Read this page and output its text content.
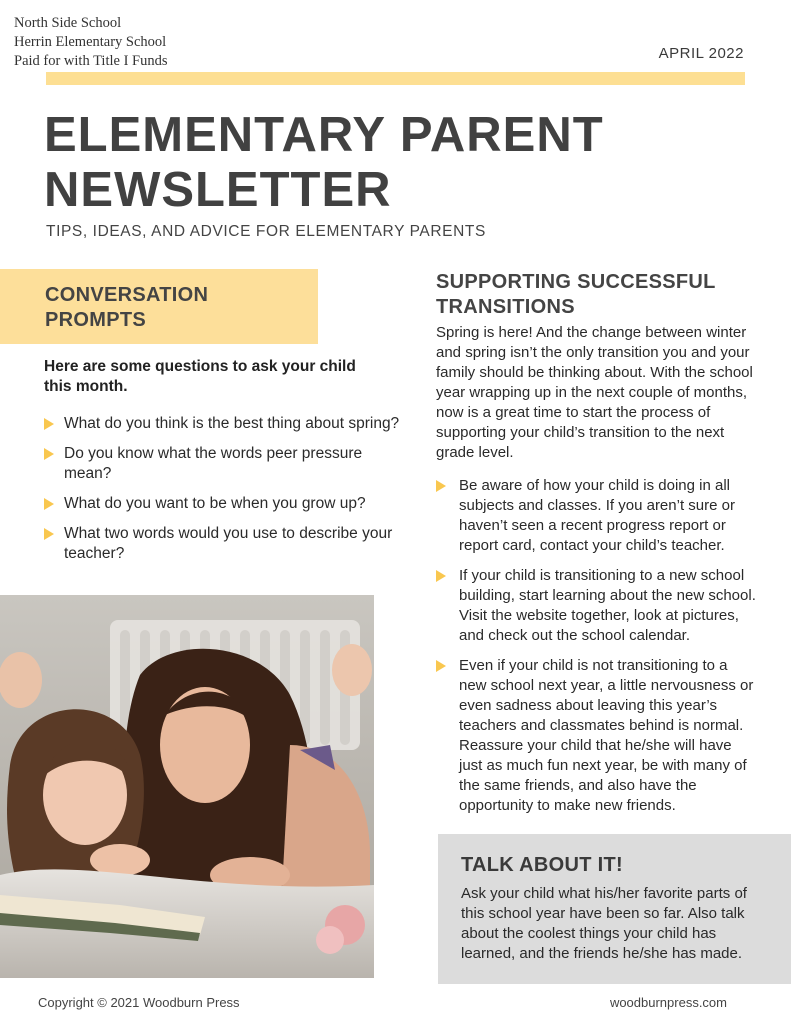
North Side School
Herrin Elementary School
Paid for with Title I Funds	APRIL 2022
ELEMENTARY PARENT
NEWSLETTER
TIPS, IDEAS, AND ADVICE FOR ELEMENTARY PARENTS
CONVERSATION
PROMPTS

Here are some questions to ask your child this month.

What do you think is the best thing about spring?
Do you know what the words peer pressure mean?
What do you want to be when you grow up?
What two words would you use to describe your teacher?
SUPPORTING SUCCESSFUL
TRANSITIONS

Spring is here! And the change between winter and spring isn’t the only transition you and your family should be thinking about. With the school year wrapping up in the next couple of months, now is a great time to start the process of supporting your child’s transition to the next grade level.

Be aware of how your child is doing in all subjects and classes. If you aren’t sure or haven’t seen a recent progress report or report card, contact your child’s teacher.
If your child is transitioning to a new school building, start learning about the new school. Visit the website together, look at pictures, and check out the school calendar.
Even if your child is not transitioning to a new school next year, a little nervousness or even sadness about leaving this year’s teachers and classmates behind is normal. Reassure your child that he/she will have just as much fun next year, be with many of the same friends, and also have the opportunity to make new friends.
TALK ABOUT IT!

Ask your child what his/her favorite parts of this school year have been so far. Also talk about the coolest things your child has learned, and the friends he/she has made.

Copyright © 2021 Woodburn Press	woodburnpress.com
